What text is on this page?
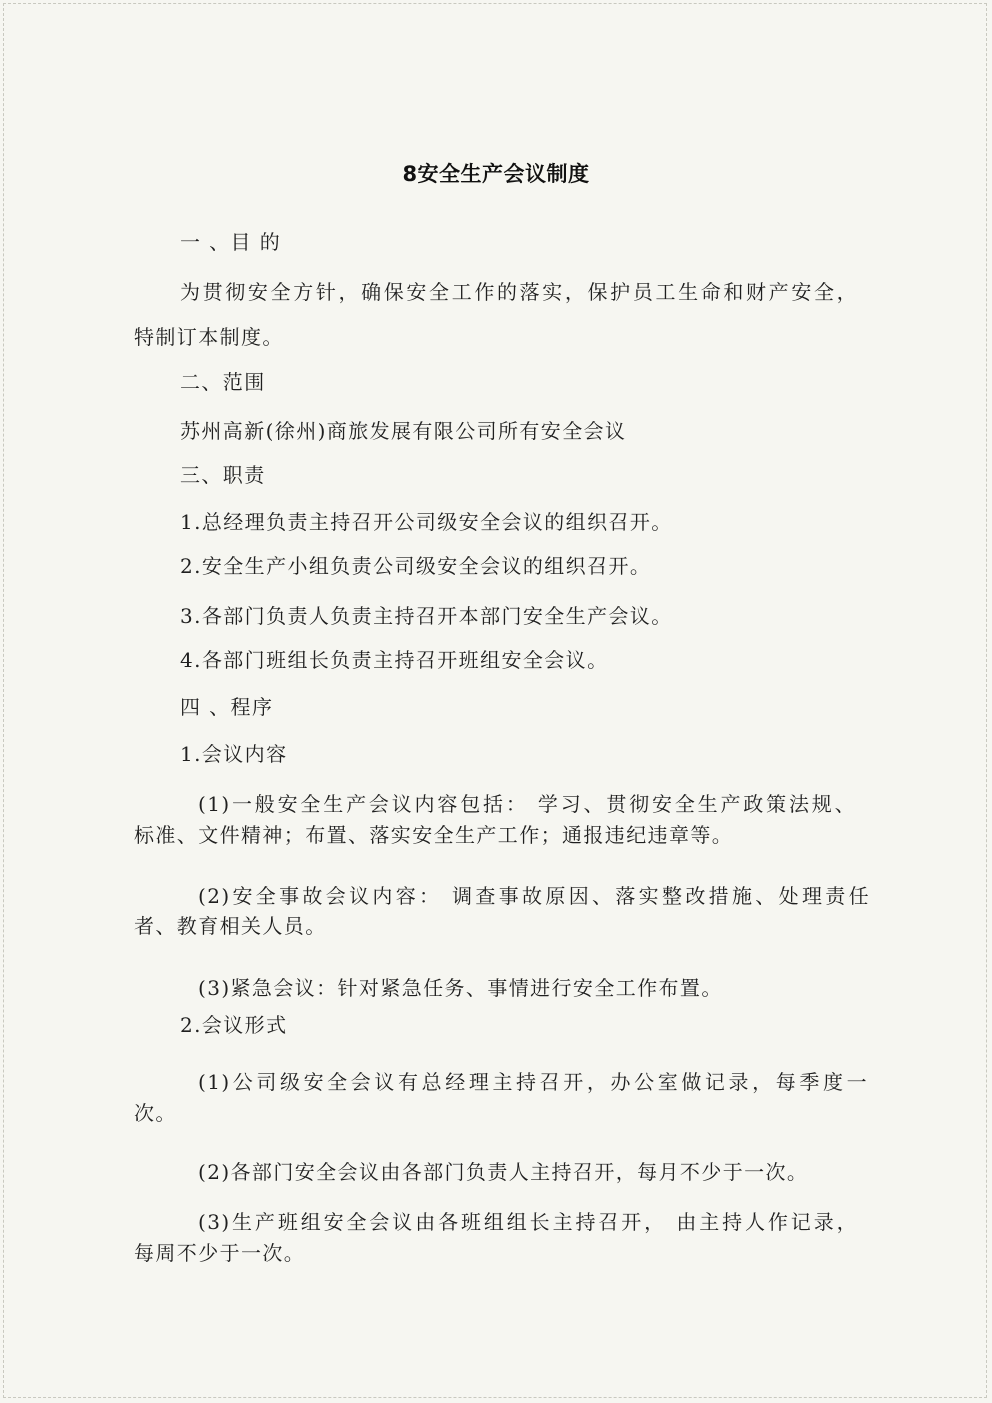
8安全生产会议制度
一 、目 的
为贯彻安全方针，确保安全工作的落实，保护员工生命和财产安全，
特制订本制度。
二、范围
苏州高新(徐州)商旅发展有限公司所有安全会议
三、职责
1.总经理负责主持召开公司级安全会议的组织召开。
2.安全生产小组负责公司级安全会议的组织召开。
3.各部门负责人负责主持召开本部门安全生产会议。
4.各部门班组长负责主持召开班组安全会议。
四 、程序
1.会议内容
(1)一般安全生产会议内容包括： 学习、贯彻安全生产政策法规、
标准、文件精神；布置、落实安全生产工作；通报违纪违章等。
(2)安全事故会议内容： 调查事故原因、落实整改措施、处理责任
者、教育相关人员。
(3)紧急会议：针对紧急任务、事情进行安全工作布置。
2.会议形式
(1)公司级安全会议有总经理主持召开，办公室做记录，每季度一
次。
(2)各部门安全会议由各部门负责人主持召开，每月不少于一次。
(3)生产班组安全会议由各班组组长主持召开， 由主持人作记录，
每周不少于一次。
